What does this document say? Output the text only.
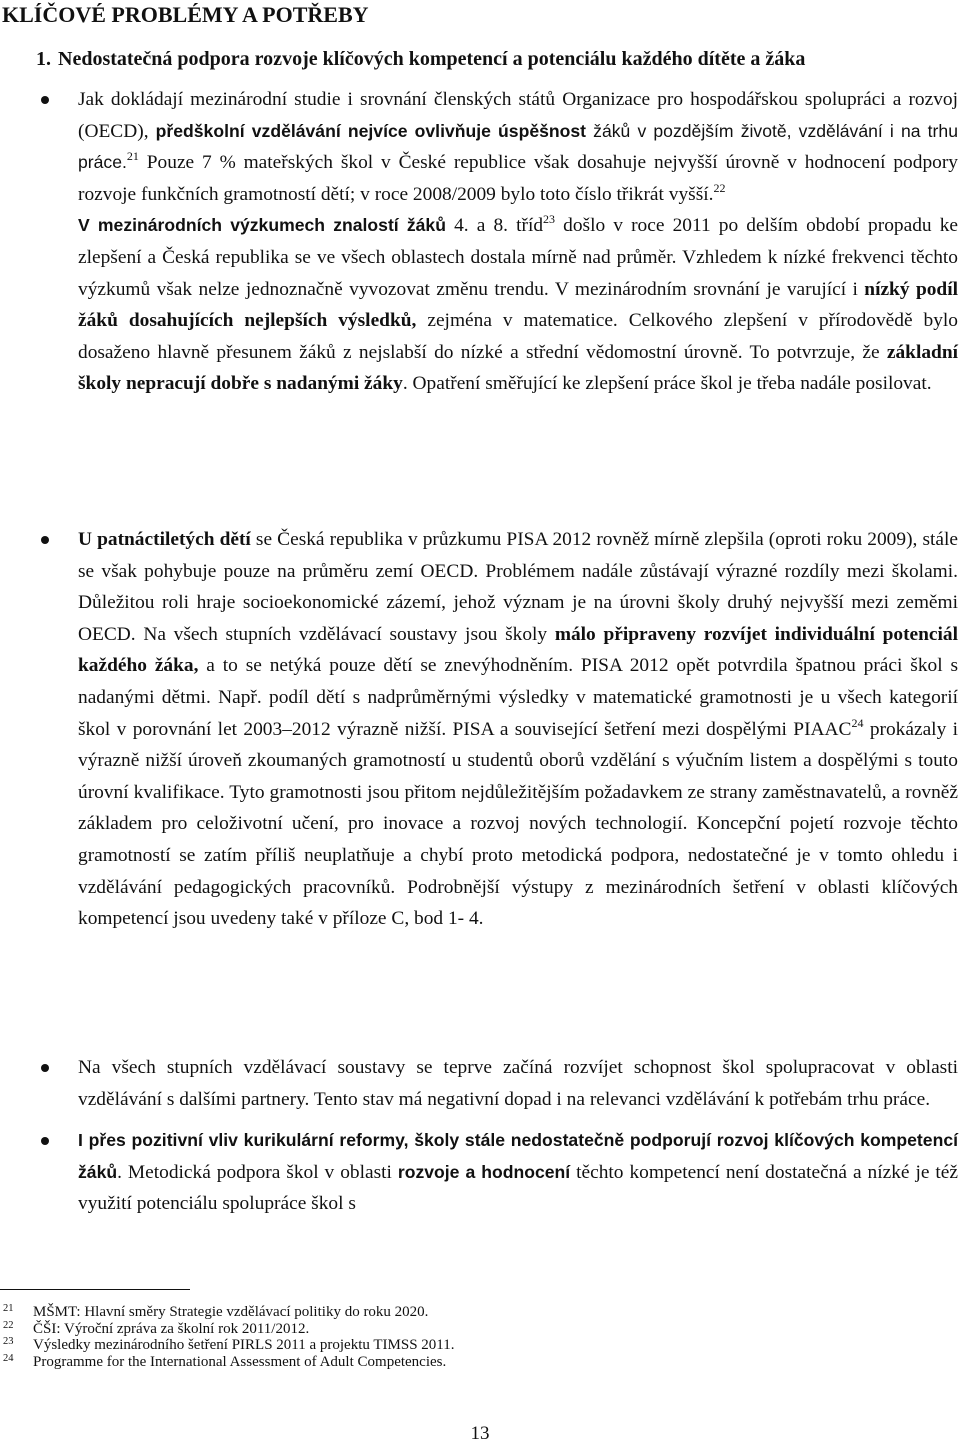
KLÍČOVÉ PROBLÉMY A POTŘEBY
1. Nedostatečná podpora rozvoje klíčových kompetencí a potenciálu každého dítěte a žáka

Jak dokládají mezinárodní studie i srovnání členských států Organizace pro hospodářskou spolupráci a rozvoj (OECD), předškolní vzdělávání nejvíce ovlivňuje úspěšnost žáků v pozdějším životě, vzdělávání i na trhu práce.$^{21}$ Pouze 7 % mateřských škol v České republice však dosahuje nejvyšší úrovně v hodnocení podpory rozvoje funkčních gramotností dětí; v roce 2008/2009 bylo toto číslo třikrát vyšší.$^{22}$

V mezinárodních výzkumech znalostí žáků 4. a 8. tříd$^{23}$ došlo v roce 2011 po delším období propadu ke zlepšení a Česká republika se ve všech oblastech dostala mírně nad průměr. Vzhledem k nízké frekvenci těchto výzkumů však nelze jednoznačně vyvozovat změnu trendu. V mezinárodním srovnání je varující i nízký podíl žáků dosahujících nejlepších výsledků, zejména v matematice. Celkového zlepšení v přírodovědě bylo dosaženo hlavně přesunem žáků z nejslabší do nízké a střední vědomostní úrovně. To potvrzuje, že základní školy nepracují dobře s nadanými žáky. Opatření směřující ke zlepšení práce škol je třeba nadále posilovat.

U patnáctiletých dětí se Česká republika v průzkumu PISA 2012 rovněž mírně zlepšila (oproti roku 2009), stále se však pohybuje pouze na průměru zemí OECD. Problémem nadále zůstávají výrazné rozdíly mezi školami. Důležitou roli hraje socioekonomické zázemí, jehož význam je na úrovni školy druhý nejvyšší mezi zeměmi OECD. Na všech stupních vzdělávací soustavy jsou školy málo připraveny rozvíjet individuální potenciál každého žáka, a to se netýká pouze dětí se znevýhodněním. PISA 2012 opět potvrdila špatnou práci škol s nadanými dětmi. Např. podíl dětí s nadprůměrnými výsledky v matematické gramotnosti je u všech kategorií škol v porovnání let 2003–2012 výrazně nižší. PISA a související šetření mezi dospělými PIAAC$^{24}$ prokázaly i výrazně nižší úroveň zkoumaných gramotností u studentů oborů vzdělání s výučním listem a dospělými s touto úrovní kvalifikace. Tyto gramotnosti jsou přitom nejdůležitějším požadavkem ze strany zaměstnavatelů, a rovněž základem pro celoživotní učení, pro inovace a rozvoj nových technologií. Koncepční pojetí rozvoje těchto gramotností se zatím příliš neuplatňuje a chybí proto metodická podpora, nedostatečné je v tomto ohledu i vzdělávání pedagogických pracovníků. Podrobnější výstupy z mezinárodních šetření v oblasti klíčových kompetencí jsou uvedeny také v příloze C, bod 1- 4.

Na všech stupních vzdělávací soustavy se teprve začíná rozvíjet schopnost škol spolupracovat v oblasti vzdělávání s dalšími partnery. Tento stav má negativní dopad i na relevanci vzdělávání k potřebám trhu práce.

I přes pozitivní vliv kurikulární reformy, školy stále nedostatečně podporují rozvoj klíčových kompetencí žáků. Metodická podpora škol v oblasti rozvoje a hodnocení těchto kompetencí není dostatečná a nízké je též využití potenciálu spolupráce škol s

21 MŠMT: Hlavní směry Strategie vzdělávací politiky do roku 2020.
22 ČŠI: Výroční zpráva za školní rok 2011/2012.
23 Výsledky mezinárodního šetření PIRLS 2011 a projektu TIMSS 2011.
24 Programme for the International Assessment of Adult Competencies.
13
